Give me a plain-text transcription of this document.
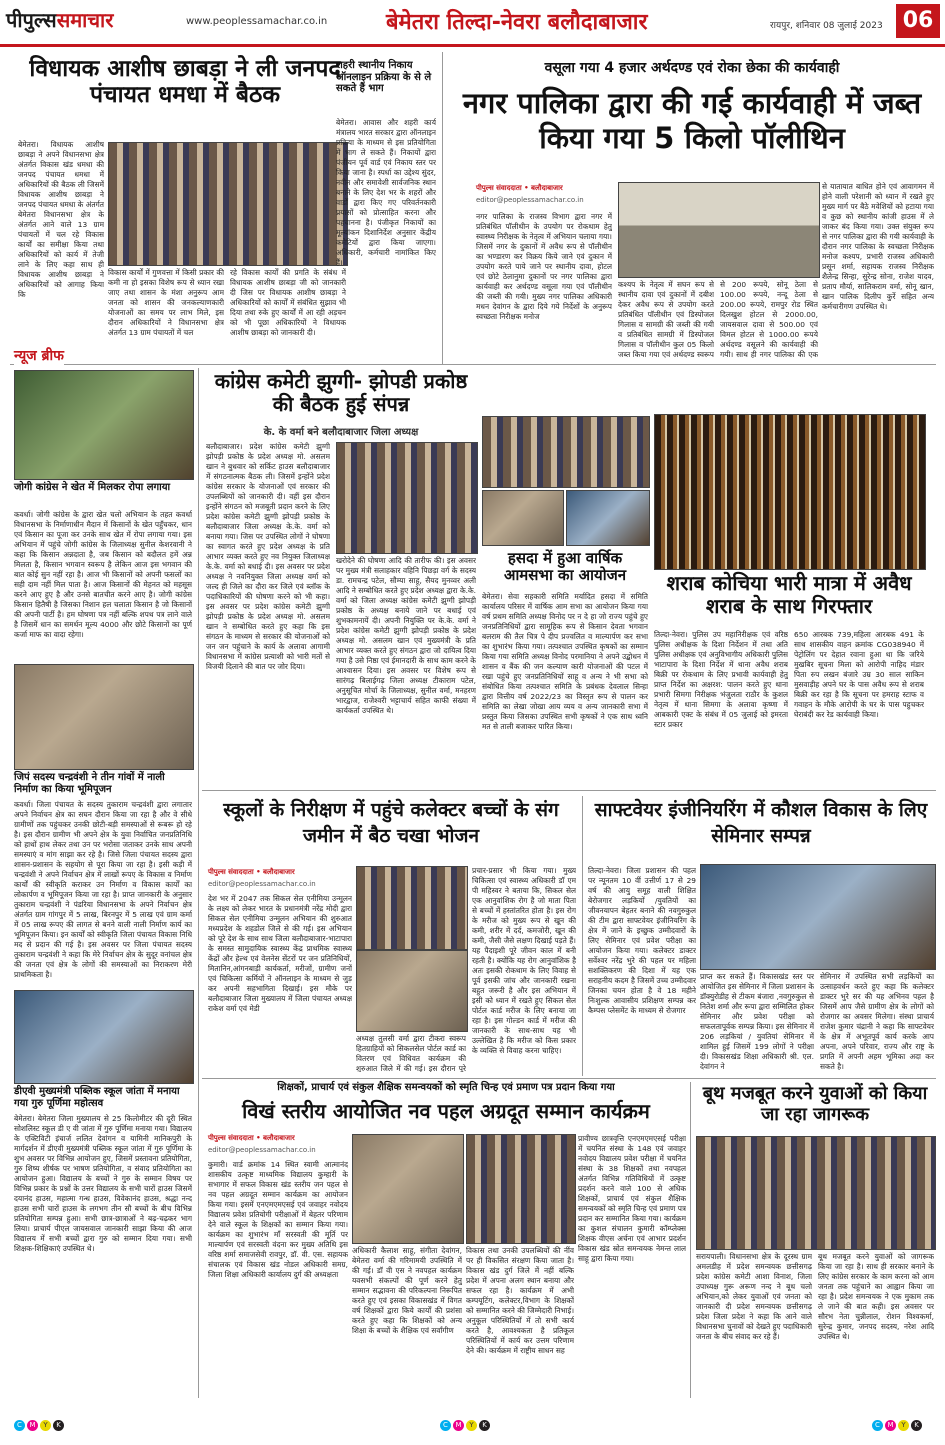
पीपुल्ससमाचार	www.peoplessamachar.co.in	बेमेतरा तिल्दा-नेवरा बलौदाबाजार	रायपुर, शनिवार 08 जुलाई 2023 06
विधायक आशीष छाबड़ा ने ली जनपद पंचायत धमधा में बैठक
बेमेतरा। विधायक आशीष छाबड़ा ने अपने विधानसभा क्षेत्र अंतर्गत विकास खंड धमधा की जनपद पंचायत धमधा में अधिकारियों की बैठक ली जिसमें विधायक आशीष छाबड़ा ने जनपद पंचायत धमधा के अंतर्गत बेमेतरा विधानसभा क्षेत्र के अंतर्गत आने वाले 13 ग्राम पंचायतों में चल रहे विकास कार्यों का समीक्षा किया तथा अधिकारियों को कार्य में तेजी लाने के लिए कहा साथ ही विधायक आशीष छाबड़ा ने अधिकारियों को आगाह किया कि
विकास कार्यों में गुणवत्ता में किसी प्रकार की कमी ना हो इसका विशेष रूप से ध्यान रखा जाए तथा शासन के मंशा अनुरूप आम जनता को शासन की जनकल्याणकारी योजनाओं का समय पर लाभ मिले, इस दौरान अधिकारियों ने विधानसभा क्षेत्र अंतर्गत 13 ग्राम पंचायतों में चल
रहे विकास कार्यों की प्रगति के संबंध में विधायक आशीष छाबड़ा जी को जानकारी दी जिस पर विधायक आशीष छाबड़ा ने अधिकारियों को कार्यों में संबंधित सुझाव भी दिया तथा रुके हुए कार्यों में आ रही अड़चन को भी पूछा अधिकारियों ने विधायक आशीष छाबड़ा को जानकारी दी।
शहरी स्थानीय निकाय ऑनलाइन प्रक्रिया के से ले सकते हैं भाग
बेमेतरा। आवास और शहरी कार्य मंत्रालय भारत सरकार द्वारा ऑनलाइन प्रक्रिया के माध्यम से इस प्रतियोगिता में भाग ले सकते हैं। निकायों द्वारा पंजीयन पूर्व वार्ड एवं निकाय स्तर पर किया जाना है। स्पर्धा का उद्देश्य सुंदर, नवीन और समावेशी सार्वजनिक स्थान बनाने के लिए देश भर के शहरों और वार्डों द्वारा किए गए परिवर्तनकारी प्रयासों को प्रोत्साहित करना और पहचानना है। पंजीकृत निकायों का मूल्यांकन दिशानिर्देश अनुसार केंद्रीय कमेटियों द्वारा किया जाएगा। अधिकारी, कर्मचारी नामांकित किए हैं।
वसूला गया 4 हजार अर्थदण्ड एवं रोका छेका की कार्यवाही
नगर पालिका द्वारा की गई कार्यवाही में जब्त किया गया 5 किलो पॉलीथिन
पीपुल्स संवाददाता • बलौदाबाजार
editor@peoplessamachar.co.in
नगर पालिका के राजस्व विभाग द्वारा नगर में प्रतिबंधित पॉलीथीन के उपयोग पर रोकथाम हेतु स्वास्थ्य निरीक्षक के नेतृत्व में अभियान चलाया गया। जिसमें नगर के दुकानों में अवैध रूप से पॉलीथीन का भण्डारण कर विक्रय किये जाने एवं दुकान में उपयोग करते पाये जाने पर स्थानीय दावा, होटल एवं छोटे ठेलानुमा दुकानों पर नगर पालिका द्वारा कार्यवाही कर अर्थदण्ड वसूला गया एवं पॉलीथीन की जब्ती की गयी। मुख्य नगर पालिका अधिकारी मधन देवांगन के द्वारा दिये गये निर्देशों के अनुरूप स्वच्छता निरीक्षक मनोज
कश्यप के नेतृत्व में सघन रूप से स्थानीय दावा एवं दुकानों में दबीश देकर अवैध रूप से उपयोग करते प्रतिबंधित पॉलीथीन एवं डिस्पोजल गिलास व सामग्री की जब्ती की गयी व प्रतिबंधित सामग्री में डिस्पोजल गिलास व पॉलीथीन कुल 05 किलो जब्त किया गया एवं अर्थदण्ड स्वरूप
से 200 रूपये, सोनू ठेला से 100.00 रूपये, नन्दू ठेला से 200.00 रूपये, रामपुर रोड स्थित दिलखुश होटल से 2000.00, जायसवाल दावा से 500.00 एवं विमल होटल से 1000.00 रूपये अर्थदण्ड वसूलने की कार्यवाही की गयी। साथ ही नगर पालिका की एक
से यातायात बाधित होने एवं आवागमन में होने वाली परेशानी को ध्यान में रखते हुए मुख्य मार्ग पर बैठे मवेशियों को हटाया गया व कुछ को स्थानीय कांजी हाउस में ले जाकर बंद किया गया। उक्त संयुक्त रूप से नगर पालिका द्वारा की गयी कार्यवाही के दौरान नगर पालिका के स्वच्छता निरीक्षक मनोज कश्यप, प्रभारी राजस्व अधिकारी प्रसून शर्मा, सहायक राजस्व निरीक्षक शैलेन्द्र सिन्हा, सुरेन्द्र सोना, राजेश यादव, प्रताप मौर्या, सालिकराम वर्मा, सोनू खान, खान पालिक दिलीप कुर्रे सहित अन्य कर्मचारीगण उपस्थित थे।
न्यूज ब्रीफ
जोगी कांग्रेस ने खेत में मिलकर रोपा लगाया
कवर्धा। जोगी कांग्रेस के द्वारा खेत चलो अभियान के तहत कवर्धा विधानसभा के निर्माणाधीन मैदान में किसानों के खेत पहुँचकर, धान एवं किसान का पूजा कर उनके साथ खेत में रोपा लगाया गया। इस अभियान में पहुंचे जोगी कांग्रेस के जिलाध्यक्ष सुनील केशरवानी ने कहा कि किसान अन्नदाता है, जब किसान को बदौलत हमें अन्न मिलता है, किसान भगवान स्वरूप है लेकिन आज इस भगवान की बात कोई सुन नहीं रहा है। आज भी किसानों को अपनी फसलों का सही दाम नहीं मिल पाता है। आज किसानों की मेहनत को महसूस करने आए हुए है और उनसे बातचीत करने आए है। जोगी कांग्रेस किसान हितैषी है जिसका निशान हल चलाता किसान है जो किसानों की अपनी पार्टी है। हम घोषणा पत्र नहीं बल्कि शपथ पत्र लाने वाले है जिसमें धान का समर्थन मूल्य 4000 और छोटे किसानों का पूर्ण कर्जा माफ का वादा रहेगा।
जिपं सदस्य चन्द्रवंशी ने तीन गांवों में नाली निर्माण का किया भूमिपूजन
कवर्धा। जिला पंचायत के सदस्य तुकाराम चन्द्रवंशी द्वारा लगातार अपने निर्वाचन क्षेत्र का सघन दौरान किया जा रहा है और वे सीधे ग्रामीणों तक पहुंचकर उनकी छोटी-बड़ी समस्याओं से रूबरू हो रहे है। इस दौरान ग्रामीण भी अपने क्षेत्र के युवा निर्वाचित जनप्रतिनिधि को हाथों हाथ लेकर तथा उन पर भरोसा जताकर उनके साथ अपनी समस्याएं व मांग साझा कर रहे है। जिसे जिला पंचायत सदस्य द्वारा शासन-प्रशासन के सहयोग से पूरा किया जा रहा है। इसी कड़ी में चन्द्रवंशी ने अपने निर्वाचन क्षेत्र में लाखों रूपए के विकास व निर्माण कार्यों की स्वीकृति कराकर उन निर्माण व विकास कार्यों का लोकार्पण व भूमिपूजन किया जा रहा है। प्राप्त जानकारी के अनुसार तुकाराम चन्द्रवंशी ने पंडरिया विधानसभा के अपने निर्वाचन क्षेत्र अंतर्गत ग्राम गांगपुर में 5 लाख, बिरनपुर में 5 लाख एवं ग्राम कर्मा में 05 लाख रूपए की लागत से बनने वाली नाली निर्माण कार्य का भूमिपूजन किया। इन कार्यों को स्वीकृति जिला पंचायत विकास निधि मद से प्रदान की गई है। इस अवसर पर जिला पंचायत सदस्य तुकाराम चन्द्रवंशी ने कहा कि मेरे निर्वाचन क्षेत्र के सुदूर वनांचल क्षेत्र की जनता एवं क्षेत्र के लोगों की समस्याओं का निराकरण मेरी प्राथमिकता है।
डीएवी मुख्यमंत्री पब्लिक स्कूल जांता में मनाया गया गुरु पूर्णिमा महोत्सव
बेमेतरा। बेमेतरा जिला मुख्यालय से 25 किलोमीटर की दूरी स्थित सोशलिस्ट स्कूल डी ए वी जांता में गुरु पूर्णिमा मनाया गया। विद्यालय के एक्टिविटी इंचार्ज ललित देवांगन व यामिनी मानिकपुरी के मार्गदर्शन में डीएवी मुख्यमंत्री पब्लिक स्कूल जांता में गुरु पूर्णिमा के शुभ अवसर पर विभिन्न आयोजन हुए, जिसमें प्रस्तावना प्रतियोगिता, गुरु शिष्य शीर्षक पर भाषण प्रतियोगिता, व संवाद प्रतियोगिता का आयोजन हुआ। विद्यालय के बच्चों ने गुरु के सम्मान विषय पर विभिन्न प्रकार के प्रश्नों के उत्तर विद्यालय के सभी चारों हाउस जिसमें दयानंद हाउस, महात्मा गन्ध हाउस, विवेकानंद हाउस, श्रद्धा नन्द हाउस सभी चारों हाउस के लगभग तीन सौ बच्चों के बीच विभिन्न प्रतियोगिता सम्पन्न हुआ। सभी छात्र-छात्राओं ने बढ़-चढ़कर भाग लिया। प्राचार्य पीएल जायसवाल जानकारी साझा किया की आज विद्यालय में सभी बच्चों द्वारा गुरु को सम्मान दिया गया। सभी शिक्षक-शिक्षिकाएं उपस्थित थे।
कांग्रेस कमेटी झुग्गी- झोपडी प्रकोष्ठ की बैठक हुई संपन्न
के. के वर्मा बने बलौदाबाजार जिला अध्यक्ष
बलौदाबाजार। प्रदेश कांग्रेस कमेटी झुग्गी झोपड़ी प्रकोष्ठ के प्रदेश अध्यक्ष मो. असलम खान ने बुधवार को सर्किट हाउस बलौदाबाजार में संगठनात्मक बैठक ली। जिसमें इन्होंने प्रदेश कांग्रेस सरकार के योजनाओं एवं सरकार की उपलब्धियों को जानकारी दी। वहीं इस दौरान इन्होंने संगठन को मजबूती प्रदान करने के लिए प्रदेश कांग्रेस कमेटी झुग्गी झोपड़ी प्रकोष्ठ के बलौदाबाजार जिला अध्यक्ष के.के. वर्मा को बनाया गया। जिस पर उपस्थित लोगों ने घोषणा का स्वागत करते हुए प्रदेश अध्यक्ष के प्रति आभार व्यक्त करते हुए नव नियुक्त जिलाध्यक्ष के.के. वर्मा को बधाई दी। इस अवसर पर प्रदेश अध्यक्ष ने नवनियुक्त जिला अध्यक्ष वर्मा को जल्द ही जिले का दौरा कर जिले एवं ब्लॉक के पदाधिकारियों की घोषणा करने को भी कहा। इस अवसर पर प्रदेश कांग्रेस कमेटी झुग्गी झोपड़ी प्रकोष्ठ के प्रदेश अध्यक्ष मो. असलम खान ने सम्बोधित करते हुए कहा कि इस संगठन के माध्यम से सरकार की योजनाओं को जन जन पहुंचाने के कार्य के अलावा आगामी विधानसभा में कांग्रेस प्रत्याशी को भारी मतों से विजयी दिलाने की बात पर जोर दिया।
खरोदेने की घोषणा आदि की तारीफ की। इस अवसर पर मुख्य मंत्री सलाहकार वहिनि पिछड़ा वर्ग के सदस्य डा. रामचन्द्र पटेल, सौम्या साहू, सैयद मुनव्वर अली आदि ने सम्बोधित करते हुए प्रदेश अध्यक्ष द्वारा के.के. वर्मा को जिला अध्यक्ष कांग्रेस कमेटी झुग्गी झोपड़ी प्रकोष्ठ के अध्यक्ष बनाये जाने पर बधाई एवं शुभकामनायें दी। अपनी नियुक्ति पर के.के. वर्मा ने प्रदेश कांग्रेस कमेटी झुग्गी झोपड़ी प्रकोष्ठ के प्रदेश अध्यक्ष मो. असलम खान एवं मुख्यमंत्री के प्रति आभार व्यक्त करते हुए संगठन द्वारा जो दायित्व दिया गया है उसे निष्ठा एवं ईमानदारी के साथ काम करने के आश्वासन दिया। इस अवसर पर विशेष रूप से सारंगढ़ बिलाईगढ़ जिला अध्यक्ष टीकाराम पटेल, अनुसूचित मोर्चा के जिलाध्यक्ष, सुनील वर्मा, मनहरण भारद्वाज, राजेश्वरी भट्टाचार्य सहित काफी संख्या में कार्यकर्ता उपस्थित थे।
हसदा में हुआ वार्षिक आमसभा का आयोजन
बेमेतरा। सेवा सहकारी समिति मर्यादित हसदा में समिति कार्यालय परिसर में वार्षिक आम सभा का आयोजन किया गया वर्ष प्रथम समिति अध्यक्ष विनोद पर न दे हा जो राज्य पहुंचे हुए जनप्रतिनिधियों द्वारा सामूहिक रूप से किसान देवता भगवान बलराम की तैल चित्र पे दीप प्रज्वलित व माल्यार्पण कर सभा का शुभारंभ किया गया। तत्पश्चात उपस्थित कृषकों का सम्मान किया गया समिति अध्यक्ष विनोद परमानिया ने अपने उद्बोधन में शासन व बैंक की जन कल्याण कारी योजनाओं की पटल में रखा पहुंचे हुए जनप्रतिनिधियों साहू व अन्य ने भी सभा को संबोधित किया तत्पश्चात समिति के प्रबंधक देवलाल सिन्हा द्वारा वित्तीय वर्ष 2022/23 का विस्तृत रूप से पालन कर समिति का लेखा जोखा आय व्यय व अन्य जानकारी सभा में प्रस्तुत किया जिसका उपस्थित सभी कृषकों ने एक साथ ध्वनि मत से ताली बजाकर पारित किया।
शराब कोचिया भारी मात्रा में अवैध शराब के साथ गिरफ्तार
तिल्दा-नेवरा। पुलिस उप महानिरीक्षक एवं वरिष्ठ पुलिस अधीक्षक के दिशा निर्देशन में तथा अति पुलिस अधीक्षक एवं अनुविभागीय अधिकारी पुलिस भाटापारा के दिशा निर्देश में थाना अवैध शराब बिक्री पर रोकथाम के लिए प्रभावी कार्यवाही हेतु प्राप्त निर्देश का अक्षरश: पालन करते हुए थाना प्रभारी सिमगा निरीक्षक भंजुलता राठौर के कुशल नेतृत्व में थाना सिमगा के अलावा कृष्णा में आबकारी एक्ट के संबंध में 05 जुलाई को इमरता स्टार प्रकार
650 आरबक 739,महिला आरबक 491 के साथ शासकीय वाहन क्रमांक CG038940 में पेट्रोलिंग पर देहात रवाना हुआ था कि जरिये मुखबिर सूचना मिला को आरोपी नाहिद मंडार पिता रुप लखन बंजारे उम्र 30 साल साकिन मुसवाड़ीह अपने घर के पास अवैध रूप से शराब बिक्री कर रहा है कि सूचना पर हमराह स्टाफ व गवाहन के मौके आरोपी के घर के पास पहुचकर घेराबंदी कर रेड कार्यवाही किया।
स्कूलों के निरीक्षण में पहुंचे कलेक्टर बच्चों के संग जमीन में बैठ चखा भोजन
पीपुल्स संवाददाता • बलौदाबाजार
editor@peoplessamachar.co.in
देश भर में 2047 तक सिकल सेल एनीमिया उन्मूलन के लक्ष्य को लेकर भारत के प्रधानमंत्री नरेंद्र मोदी द्वारा सिकल सेल एनीमिया उन्मूलन अभियान की शुरुआत मध्यप्रदेश के शहडोल जिले से की गई। इस अभियान को पूरे देश के साथ साथ जिला बलौदाबाजार-भाटापारा के समस्त सामुदायिक स्वास्थ्य केंद्र प्राथमिक स्वास्थ्य केंद्रों और हेल्थ एवं वेलनेस सेंटरों पर जन प्रतिनिधियों, मितानिन,आंगनबाड़ी कार्यकर्ता, मरीजों, ग्रामीण जनों एवं चिकित्सा कर्मियों ने ऑनलाइन के माध्यम से जुड़ कर अपनी सहभागिता दिखाई। इस मौके पर बलौदाबाजार जिला मुख्यालय में जिला पंचायत अध्यक्ष राकेश वर्मा एवं मेडी
अध्यक्ष तुलसी वर्मा द्वारा टीकरा स्वरूप हितग्राहियों को सिकलसेल पोर्टल कार्ड का वितरण एवं विधिवत कार्यक्रम की शुरुआत जिले में की गई। इस दौरान पूरे
प्रचार-प्रसार भी किया गया। मुख्य चिकित्सा एवं स्वास्थ्य अधिकारी डॉ एम पी महिस्वर ने बताया कि, सिकल सेल एक आनुवांशिक रोग है जो माता पिता से बच्चों में हस्तांतरित होता है। इस रोग के मरीज को मुख्य रूप से खून की कमी, शरीर में दर्द, कमजोरी, खून की कमी, जैसी जैसे लक्षण दिखाई पड़ते हैं। यह पैदाइशी पूरे जीवन काल में बनी रहती है। क्योंकि यह रोग आनुवांशिक है अतः इसकी रोकथाम के लिए विवाह से पूर्व इसकी जांच और जानकारी रखना बहुत जरूरी है और इस अभियान में इसी को ध्यान में रखते हुए सिकल सेल पोर्टल कार्ड मरीज के लिए बनाया जा रहा है। इस गोल्डन कार्ड में मरीज की जानकारी के साथ-साथ यह भी उल्लेखित है कि मरीज को किस प्रकार के व्यक्ति से विवाह करना चाहिए।
साफ्टवेयर इंजीनियरिंग में कौशल विकास के लिए सेमिनार सम्पन्न
तिल्दा-नेवरा। जिला प्रशासन की पहल पर न्यूनतम 10 वीं उत्तीर्ण 17 से 29 वर्ष की आयु समूह वाली शिक्षित बेरोजगार लड़कियों /युवतियों का जीवनयापन बेहतर बनाने की नवगुरुकुल की टीम द्वारा साफ्टवेयर इंजीनियरिंग के क्षेत्र में जाने के इच्छुक उम्मीदवारों के लिए सेमिनार एवं प्रवेश परीक्षा का आयोजन किया गया। कलेक्टर डाक्टर सर्वेश्वर नरेंद्र भुरे की पहल पर महिला सशक्तिकरण की दिशा में यह एक सराहनीय कदम है जिसमें उच्च उम्मीदवार जिनका चयन होता है वे 18 महीने निःशुल्क आवासीय प्रशिक्षण सम्पन्न कर कैम्पस प्लेसमेंट के माध्यम से रोजगार
प्राप्त कर सकते हैं। विकासखंड स्तर पर आयोजित इस सेमिनार में जिला प्रशासन के डॉक्युरोडीह से टीकम बंजारा ,नवगुरुकुल से नितेश शर्मा और रूपा द्वारा सम्मिलित होकर सेमिनार और प्रवेश परीक्षा को सफलतापूर्वक सम्पन्न किया। इस सेमिनार में 206 लड़कियां / युवतियां सेमिनार में शामिल हुई जिसमें 199 लोगों ने परीक्षा दी। विकासखंड शिक्षा अधिकारी श्री. एल. देवांगन ने
सेमिनार में उपस्थित सभी लड़कियों का उत्साहवर्धन करते हुए कहा कि कलेक्टर डाक्टर भुरे सर की यह अभिनव पहल है जिसमें आप जैसे ग्रामीण क्षेत्र के लोगों को रोजगार का अवसर मिलेगा। संस्था प्राचार्य राजेश कुमार चंद्रानी ने कहा कि साफ्टवेयर के क्षेत्र में अभूतपूर्व कार्य करके आप अपना, अपने परिवार, राज्य और राष्ट्र के प्रगति में अपनी अहम भूमिका अदा कर सकते है।
शिक्षकों, प्राचार्य एवं संकुल शैक्षिक समन्वयकों को स्मृति चिन्ह एवं प्रमाण पत्र प्रदान किया गया
विखं स्तरीय आयोजित नव पहल अग्रदूत सम्मान कार्यक्रम
पीपुल्स संवाददाता • बलौदाबाजार
editor@peoplessamachar.co.in
कुमारी। वार्ड क्रमांक 14 स्थित स्वामी आत्मानंद शासकीय उत्कृष्ट माध्यमिक विद्यालय कुम्हारी के सभागार में सफल विकास खंड स्तरीय जन पहल से नव पहल अग्रदूत सम्मान कार्यक्रम का आयोजन किया गया। इसमें एनएमएमएसई एवं जवाहर नवोदय विद्यालय प्रवेश प्रतियोगी परीक्षाओं में बेहतर परिणाम देने वाले स्कूल के शिक्षकों का सम्मान किया गया। कार्यक्रम का शुभारंभ माँ सरस्वती की मूर्ति पर माल्यार्पण एवं सरस्वती वंदना कर मुख्य अतिथि इस वरिष्ठ शर्मा समाजसेवी रावपुर, डॉ. वी. एस. सहायक संचालक एवं विकास खंड नोडल अधिकारी समग्र, जिला शिक्षा अधिकारी कार्यालय दुर्ग की अध्यक्षता
अधिकारी कैलाश साहू, संगीता देवांगन, बेमेतरा वर्मा की गरिमामयी उपस्थिति में की गई। डॉ वी एस ने नवपहल कार्यक्रम यवसभी संकल्पों की पूर्ण करने हेतु सम्मान सद्भावना की परिकल्पना निरूपित करते हुए एवं इसका विकासखंड में विगत वर्ष शिक्षकों द्वारा किये कार्यों की प्रशंसा करते हुए कहा कि शिक्षकों को अन्य शिक्षा के बच्चों के शैक्षिक एवं सर्वांगीण
विकास तथा उनकी उपलब्धियों की नींव पर ही विकसित संरक्षण किया जाता है। विकास खंड दुर्ग जिले में नहीं बल्कि प्रदेश में अपना अलग स्थान बनाया और सफल रहा है। कार्यक्रम में अभी कम्पयूटिंग, कलेक्टर,विभाग के शिक्षकों को सम्मानित करने की जिम्मेदारी निभाई। अनुकूल परिस्थितियों में तो सभी कार्य करते है, आवश्यकता है प्रतिकूल परिस्थितियों में कार्य कर उत्तम परिणाम देने की। कार्यक्रम में राष्ट्रीय साधन सह
प्रावीण्य छात्रवृत्ति एनएमएमएसई परीक्षा में चयनित संस्था के 148 एवं जवाहर नवोदय विद्यालय प्रवेश परीक्षा में चयनित संस्था के 38 शिक्षकों तथा नवपहल अंतर्गत विभिन्न गतिविधियों में उत्कृष्ट प्रदर्शन करने वाले 100 से अधिक शिक्षकों, प्राचार्य एवं संकुल शैक्षिक समन्वयकों को स्मृति चिन्ह एवं प्रमाण पत्र प्रदान कर सम्मानित किया गया। कार्यक्रम का कुशल संचालन कुमारी कॉम्प्लेक्स शिक्षक वीएस अर्चना एवं आभार प्रदर्शन विकास खंड स्रोत समन्वयक नेमन्त लाल साहू द्वारा किया गया।
बूथ मजबूत करने युवाओं को किया जा रहा जागरूक
सरायपाली। विधानसभा क्षेत्र के दूरस्थ ग्राम अमलडीह में प्रदेश समन्वयक छत्तीसगढ़ प्रदेश कांग्रेस कमेटी आशा विनाश, जिला उपाध्यक्ष गुरू अरूण नन्द ने बूथ चलो अभियान,को लेकर युवाओं एवं जनता को जानकारी दी प्रदेश समन्वयक छत्तीसगढ़ प्रदेश जिला प्रदेश ने कहा कि आने वाले विधानसभा चुनावों को देखते हुए पदाधिकारी जनता के बीच संवाद कर रहे हैं।
बूथ मजबूत करने युवाओं को जागरूक किया जा रहा है। साथ ही सरकार बनाने के लिए कांग्रेस सरकार के काम करना को आम जनता तक पहुंचाने का आह्वान किया जा रहा है। प्रदेश समन्वयक ने एक मुकाम तक ले जाने की बात कही। इस अवसर पर सौरभ नेता चुन्नीलाल, रोशन विश्वकर्मा, सुरेन्द्र कुमार, जनपद सदस्य, नरेश आदि उपस्थित थे।
C M Y K	C M Y K	C M Y K
